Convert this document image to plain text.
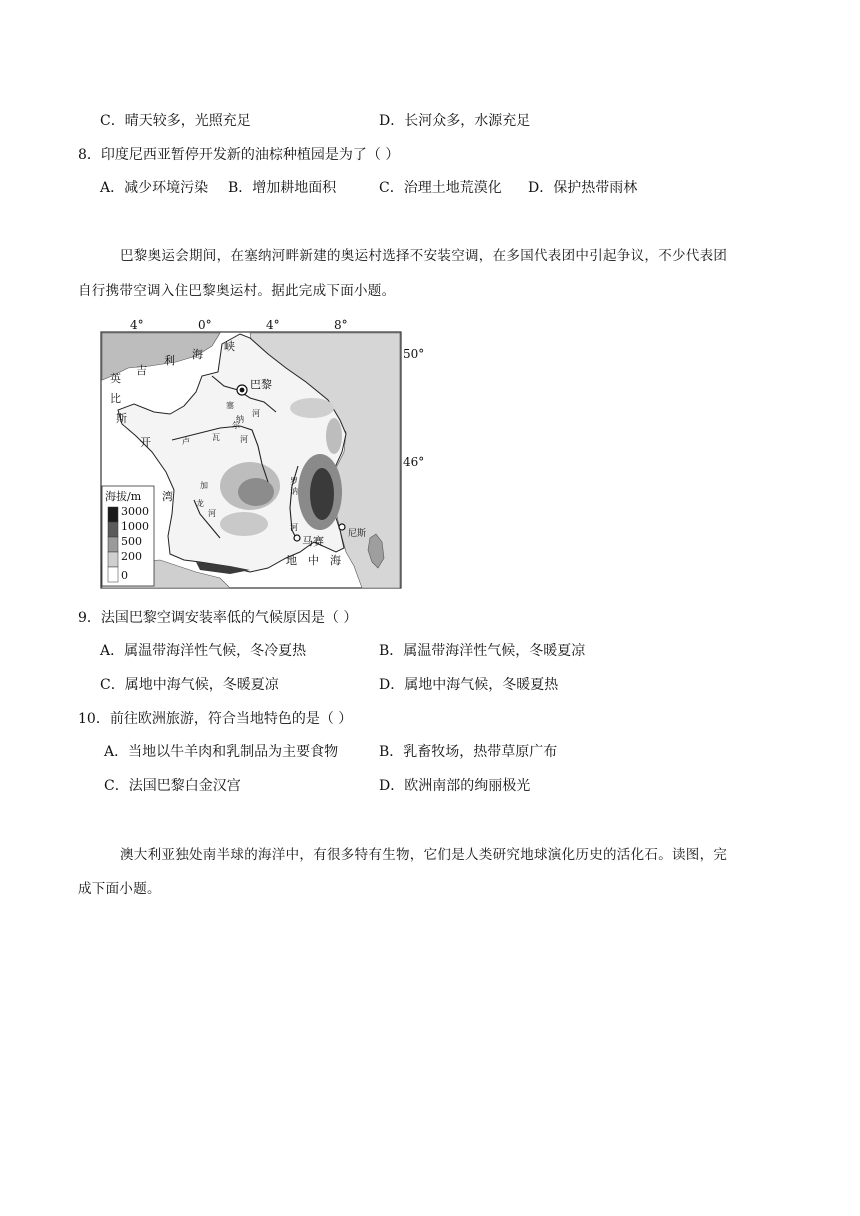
C．晴天较多，光照充足	D．长河众多，水源充足
8．印度尼西亚暂停开发新的油棕种植园是为了（ ）
A．减少环境污染 B．增加耕地面积	C．治理土地荒漠化 D．保护热带雨林
巴黎奥运会期间，在塞纳河畔新建的奥运村选择不安装空调，在多国代表团中引起争议，不少代表团
自行携带空调入住巴黎奥运村。据此完成下面小题。
4°	0°	4°	8°
50°
46°
峡
海
利
吉
英
比
斯
开
湾
巴黎
塞
纳
河
卢	瓦
尔
河
加
龙
河
罗
讷
河
马赛
尼斯
地 中 海
海拔/m
3000
1000
500
200
0
9．法国巴黎空调安装率低的气候原因是（ ）
A．属温带海洋性气候，冬冷夏热	B．属温带海洋性气候，冬暖夏凉
C．属地中海气候，冬暖夏凉	D．属地中海气候，冬暖夏热
10．前往欧洲旅游，符合当地特色的是（ ）
A．当地以牛羊肉和乳制品为主要食物	B．乳畜牧场，热带草原广布
C．法国巴黎白金汉宫	D．欧洲南部的绚丽极光
澳大利亚独处南半球的海洋中，有很多特有生物，它们是人类研究地球演化历史的活化石。读图，完
成下面小题。
